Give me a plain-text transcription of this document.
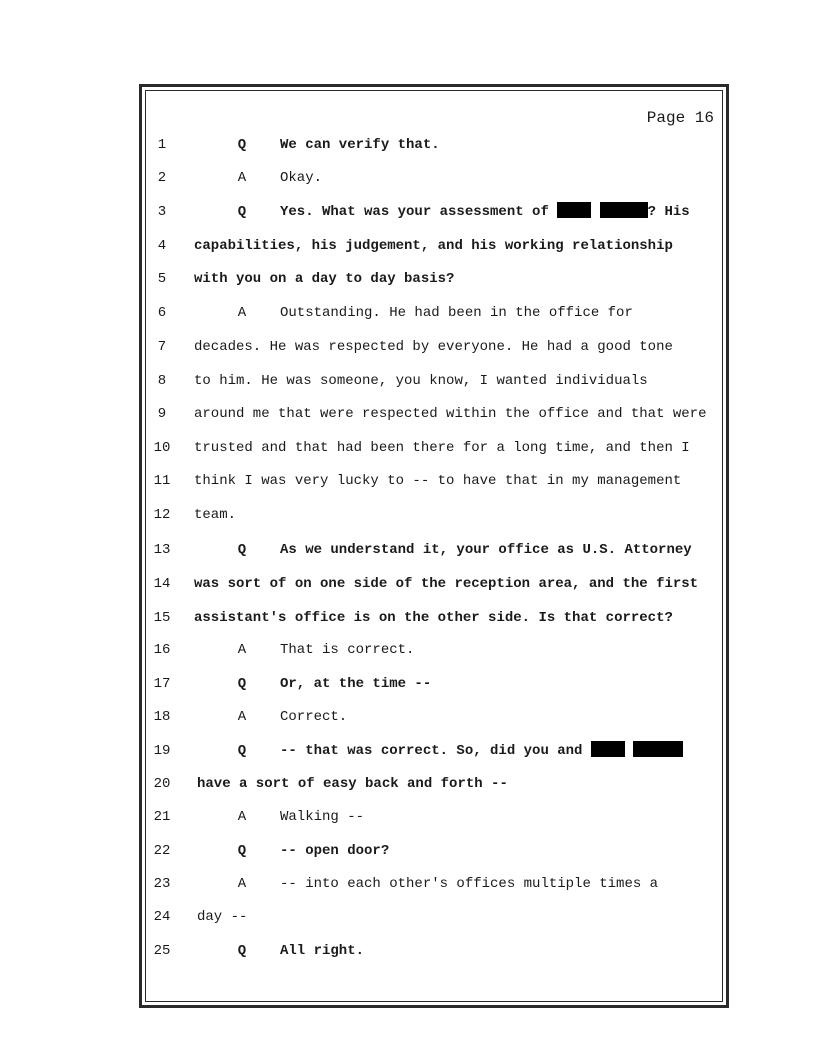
Page 16
1	Q We can verify that.
2	A Okay.
3	Q Yes. What was your assessment of	? His
4	capabilities, his judgement, and his working relationship
5	with you on a day to day basis?
6	A Outstanding. He had been in the office for
7	decades. He was respected by everyone. He had a good tone
8	to him. He was someone, you know, I wanted individuals
9	around me that were respected within the office and that were
10 trusted and that had been there for a long time, and then I
11 think I was very lucky to -- to have that in my management
12 team.
13	Q As we understand it, your office as U.S. Attorney
14 was sort of on one side of the reception area, and the first
15 assistant's office is on the other side. Is that correct?
16	A That is correct.
17	Q Or, at the time --
18	A Correct.
19	Q -- that was correct. So, did you and
20 have a sort of easy back and forth --
21	A Walking --
22	Q -- open door?
23	A -- into each other's offices multiple times a
24 day --
25	Q All right.
